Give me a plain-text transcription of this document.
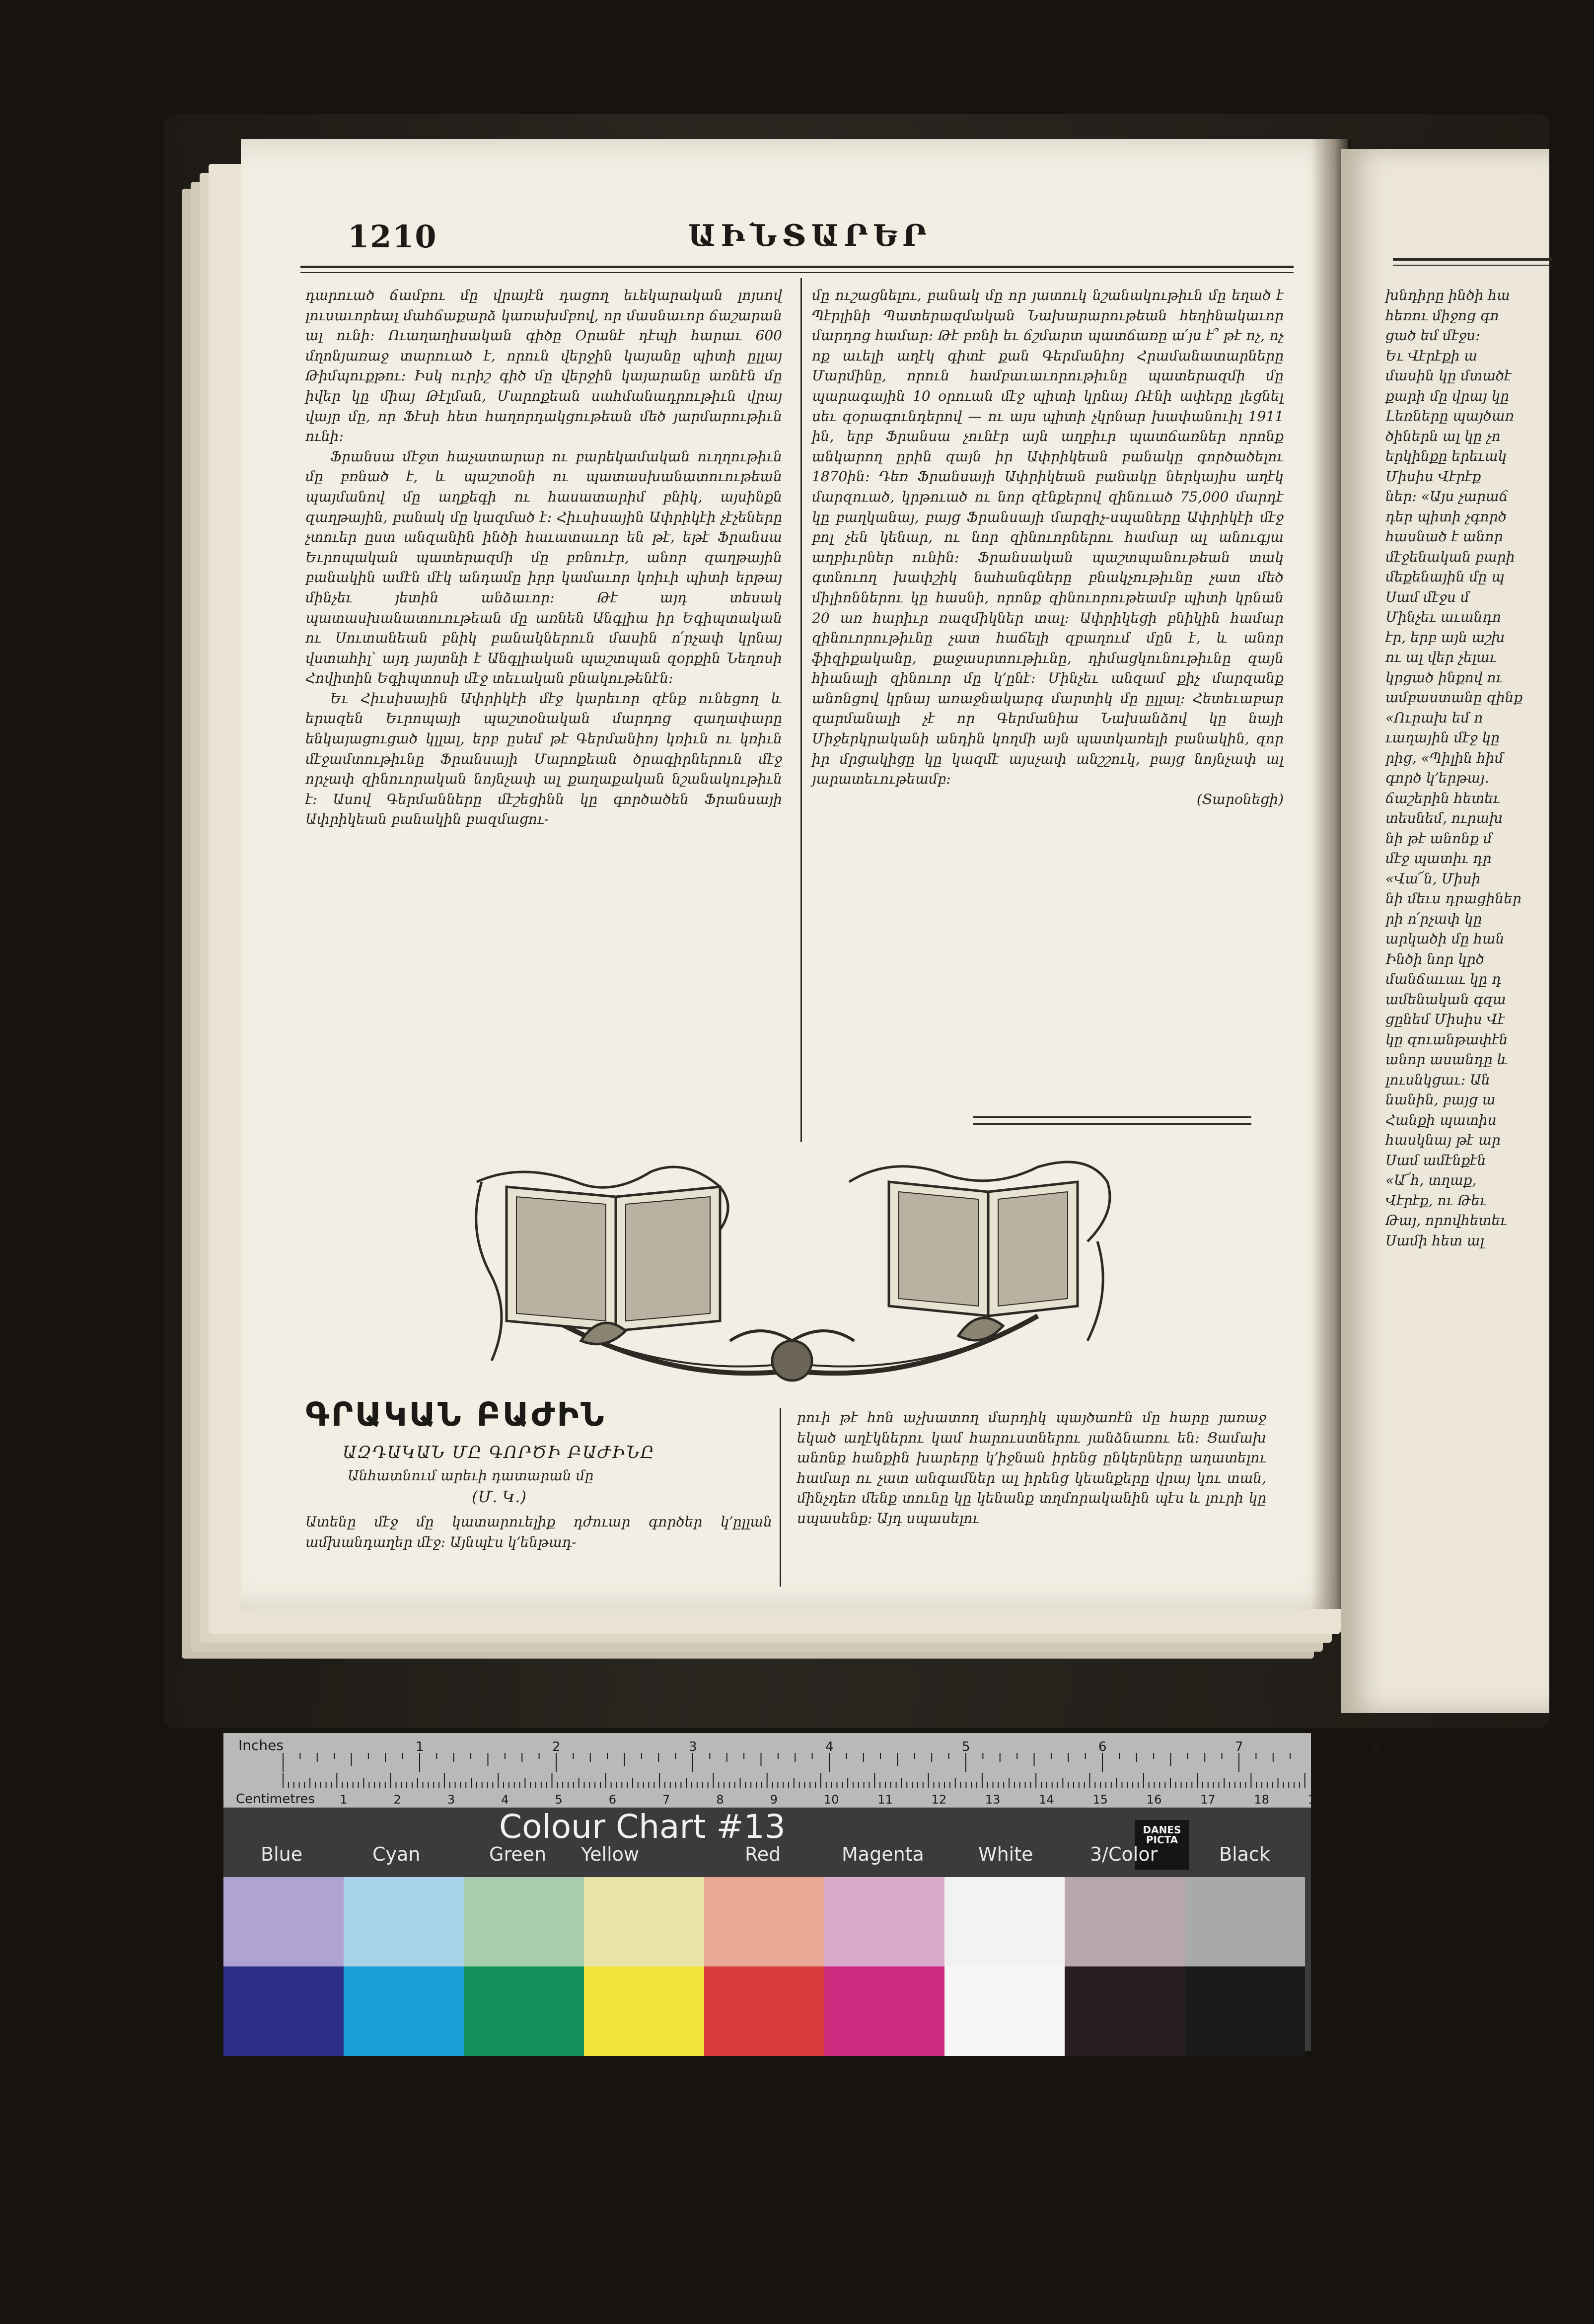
1210	ԱԻՆՏԱՐԵՐ

դարուած ճամբու մը վրայէն դացող եւեկարական լոյսով լուսաւորեալ մահճաքարձ կառախմբով, որ մասնաւոր ճաշարան ալ ունի։ Ուաղաղիսական գիծը Օրանէ դէպի հարաւ 600 մղոնյառաջ տարուած է, որուն վերջին կայանը պիտի ըլլայ Թիմպուքթու։ Իսկ ուրիշ գիծ մը վերջին կայարանը առնէն մը իվեր կը միայ Թէլման, Մարոքեան սահմանադրութիւն վրայ վայր մը, որ Ֆէսի հետ հաղորդակցութեան մեծ յարմարութիւն ունի։

Ֆրանսա մէջտ հաչատարար ու բարեկամական ուղղութիւն մը բռնած է, և պաշտօնի ու պատասխանատուութեան պայմանով մը աղքեգի ու հասատարիմ բնիկ, այսինքն զաղթային, բանակ մը կազմած է։ Հիւսիսային Ափրիկէի չէչեները չտուեր ըստ անզանին ինծի հաւատաւոր են թէ, եթէ Ֆրանսա Եւրոպական պատերազմի մը բռնուէր, անոր զաղթային բանակին ամէն մէկ անդամը իրր կամաւոր կռիւի պիտի երթայ մինչեւ յետին անձաւոր։ Թէ այդ տեսակ պատասխանատուութեան մը առնեն Անգլիա իր Եգիպտական ու Սուտանեան բնիկ բանակներուն մասին ո՛րչափ կրնայ վստահիլ՝ այդ յայտնի է Անգլիական պաշտպան զօրքին Նեղոսի Հովիտին Եգիպտոսի մէջ տեւական բնակութենէն։

Եւ Հիւսիսային Ափրիկէի մէջ կարեւոր զէնք ունեցող և երազեն Եւրոպայի պաշտօնական մարդոց զաղափարը ենկայացուցած կլլալ, երբ ըսեմ թէ Գերմանիոյ կռիւն ու կռիւն մէջամտութիւնը Ֆրանսայի Մարոքեան ծրագիրներուն մէջ որչափ զինուորական նոյնչափ ալ քաղաքական նշանակութիւն է։ Ասով Գերմանները մէշեցինն կը գործածեն Ֆրանսայի Ափրիկեան բանակին բազմացու-

մը ուշացնելու, բանակ մը որ յատուկ նշանակութիւն մը եղած է Պէրլինի Պատերազմական Նախարարութեան հեղինակաւոր մարդոց համար։ Թէ բռնի եւ ճշմարտ պատճառը ա՛յս է՞ թէ ոչ, ոչ ոք աւելի աղէկ գիտէ քան Գերմանիոյ Հրամանատարները Մարմինը, որուն համբաւաւորութիւնը պատերազմի մը պարագային 10 օրուան մէջ պիտի կրնայ Ռէնի ափերը լեցնել սեւ զօրագունդերով — ու այս պիտի չկրնար խափանուիլ 1911 ին, երբ Ֆրանսա չունէր այն աղբիւր պատճառներ որոնք անկարող ըրին զայն իր Ափրիկեան բանակը գործածելու 1870ին։ Դեռ Ֆրանսայի Ափրիկեան բանակը ներկայիս աղէկ մարզուած, կրթուած ու նոր զէնքերով զինուած 75,000 մարդէ կը բաղկանայ, բայց Ֆրանսայի մարզիչ-սպաները Ափրիկէի մէջ բոլ չեն կենար, ու նոր զինուորներու համար ալ անուգյա աղբիւրներ ունին։ Ֆրանսական պաշտպանութեան տակ գտնուող խափշիկ նահանգները բնակչութիւնը չատ մեծ միլիոններու կը հասնի, որոնք զինուորութեամբ պիտի կրնան 20 առ հարիւր ռազմիկներ տալ։ Ափրիկեցի բնիկին համար զինուորութիւնը չատ հաճելի զբաղում մըն է, և անոր ֆիզիքականը, քաջասրտութիւնը, դիմացկունութիւնը զայն հիանալի զինուոր մը կ՚ընէ։ Մինչեւ անզամ քիչ մարզանք անոնցով կրնայ առաջնակարգ մարտիկ մը ըլլալ։ Հետեւաբար զարմանալի չէ որ Գերմանիա Նախանձով կը նայի Միջերկրականի անդին կողմի այն պատկառելի բանակին, զոր իր մրցակիցը կը կազմէ այսչափ անշշուկ, բայց նոյնչափ ալ յարատեւութեամբ։

(Տարօնեցի)

ԳՐԱԿԱՆ ԲԱԺԻՆ
ԱԶԴԱԿԱՆ ՄԸ ԳՈՐԾԻ ԲԱԺԻՆԸ
Անհատնում արեւի դատարան մը
(Մ. Կ.)

Ատենը մէջ մը կատարուելիք դժուար գործեր կ՚ըլլան ամխանդաղեր մէջ։ Այնպէս կ՚ենթադ-

րուի թէ հոն աչխատող մարդիկ պայծառէն մը հարը յառաջ եկած աղէկներու կամ հարուստներու յանձնառու են։ Ցամախ անոնք հանքին խարերը կ՚իջնան իրենց ընկերները աղատելու համար ու չատ անգամներ ալ իրենց կեանքերը վրայ կու տան, մինչդեռ մենք տունը կը կենանք տղմորականին պէս և լուրի կը սպասենք։ Այդ սպասելու

խնդիրը ինծի հա
հեռու միջոց գո
ցած եմ մէջս։
Եւ Վէրէքի ա
մասին կը մտածէ
քարի մը վրայ կը
Լեռները պայծառ
ծիներն ալ կը չո
երկինքը երեւակ
Միսիս Վէրէք
ներ։ «Այս չարաճ
դեր պիտի չգործ
հասնած է անոր
մէջենական բարի
մեքենային մը պ
Սամ մէջս մ
Մինչեւ աւանդո
էր, երբ այն աշխ
ու ալ վեր չելաւ
կրցած ինքով ու
ամբաստանը զինք
«Ուրախ եմ ո
ւաղային մէջ կը
րից, «Պիլին հիմ
գործ կ՚երթայ.
ճաշերին հետեւ
տեսնեմ, ուրախ
նի թէ անոնք մ
մէջ պատիւ դր
«Վա՜ն, Միսի
նի մեւս դրացիներ
րի ո՛րչափ կը
արկածի մը հան
Ինծի նոր կրծ
մանճաւաւ կը դ
ամենական գզա
ցընեմ Միսիս Վէ
կը զուանթափէն
անոր ասանդը և
լուսնկցաւ։ Ան
նանին, բայց ա
Հանքի պատիս
հասկնայ թէ ար
Սամ ամէնքէն
«Ա՜հ, տղաք,
Վէրէք, ու Թեւ
Թայ, որովհետեւ
Սամի հետ ալ
1	2	3	4	5	6	7	8
1	2	3	4	5	6	7	8	9	10	11	12	13	14	15	16	17	18	19
Inches
Centimetres
Colour Chart #13	DANES
PICTA
Blue	Cyan	Green Yellow	Red	Magenta	White	3/Color	Black
